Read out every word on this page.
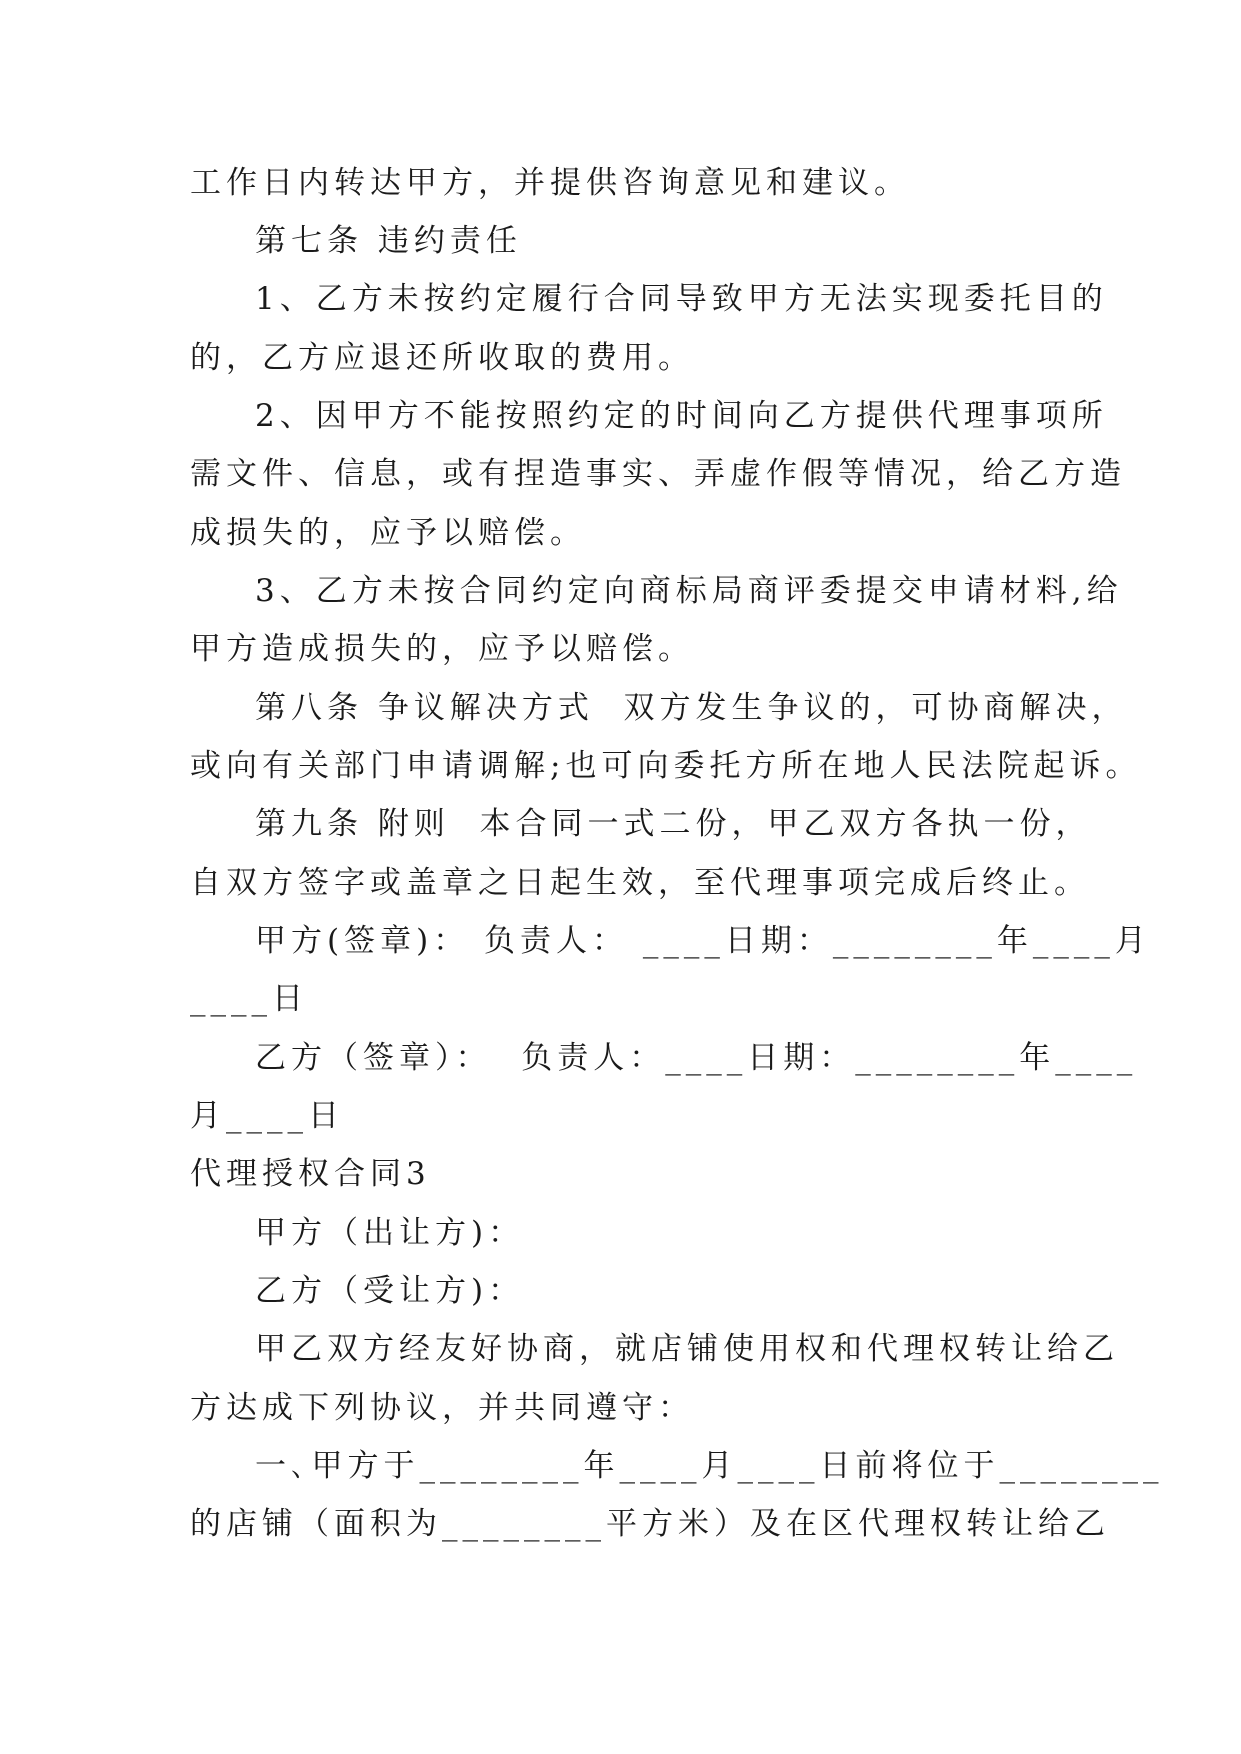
工作日内转达甲方，并提供咨询意见和建议。
第七条 违约责任
1、乙方未按约定履行合同导致甲方无法实现委托目的
的，乙方应退还所收取的费用。
2、因甲方不能按照约定的时间向乙方提供代理事项所
需文件、信息，或有捏造事实、弄虚作假等情况，给乙方造
成损失的，应予以赔偿。
3、乙方未按合同约定向商标局商评委提交申请材料,给
甲方造成损失的，应予以赔偿。
第八条 争议解决方式  双方发生争议的，可协商解决，
或向有关部门申请调解;也可向委托方所在地人民法院起诉。
第九条 附则  本合同一式二份，甲乙双方各执一份，
自双方签字或盖章之日起生效，至代理事项完成后终止。
甲方(签章)： 负责人： ____日期：________年____月
____日
乙方（签章）：  负责人：____日期：________年____
月____日
代理授权合同3
甲方（出让方)：
乙方（受让方)：
甲乙双方经友好协商，就店铺使用权和代理权转让给乙
方达成下列协议，并共同遵守：
一､甲方于________年____月____日前将位于________
的店铺（面积为________平方米）及在区代理权转让给乙
